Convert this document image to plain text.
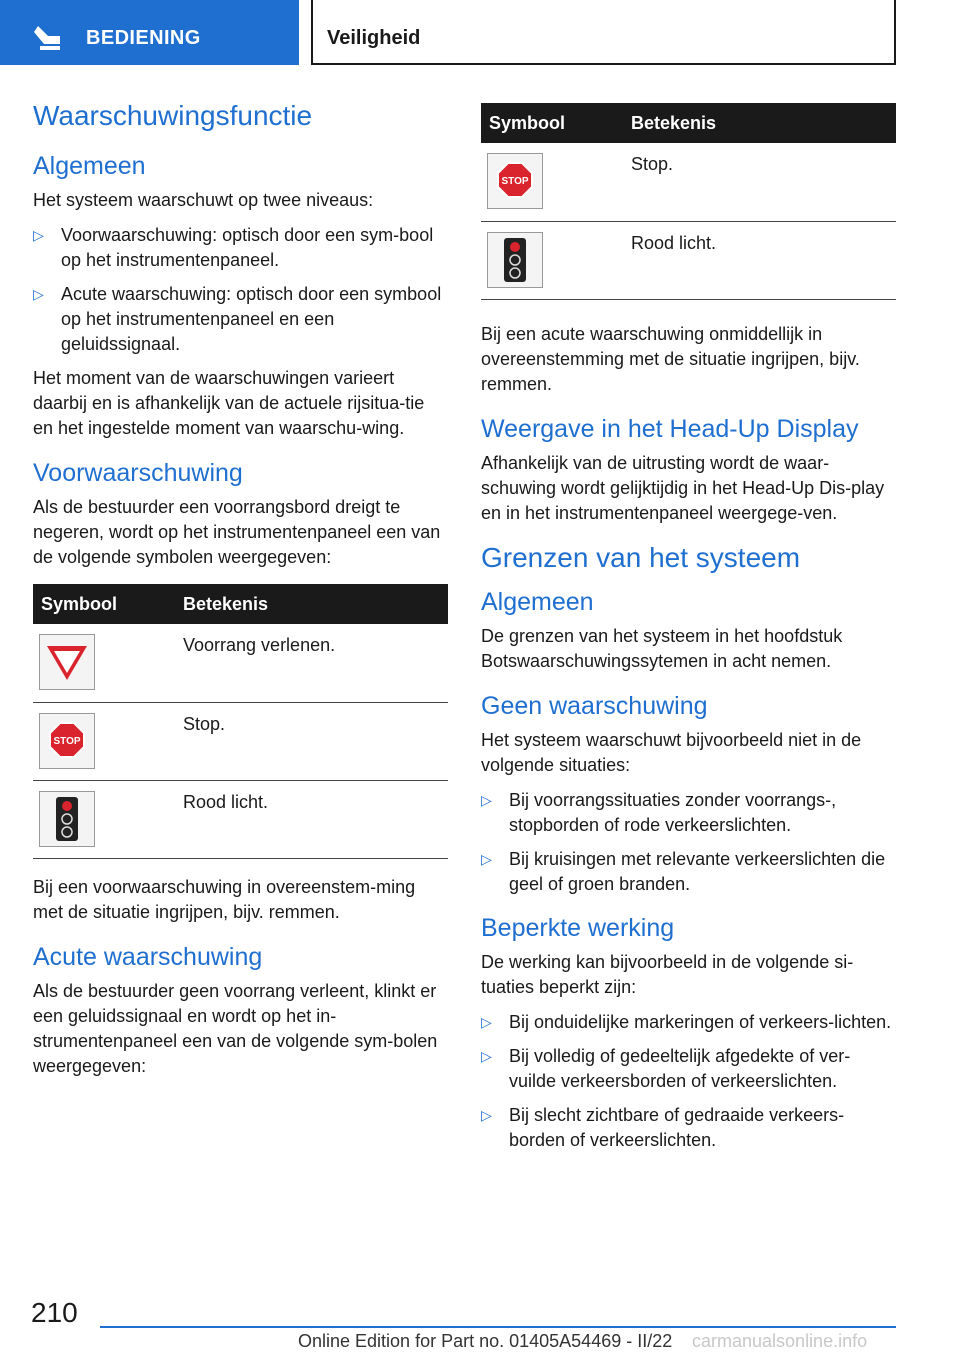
BEDIENING	Veiligheid
Waarschuwingsfunctie
Algemeen

Het systeem waarschuwt op twee niveaus:

▷ Voorwaarschuwing: optisch door een sym-bool op het instrumentenpaneel.
▷ Acute waarschuwing: optisch door een symbool op het instrumentenpaneel en een geluidssignaal.

Het moment van de waarschuwingen varieert daarbij en is afhankelijk van de actuele rijsitua-tie en het ingestelde moment van waarschu-wing.

Voorwaarschuwing

Als de bestuurder een voorrangsbord dreigt te negeren, wordt op het instrumentenpaneel een van de volgende symbolen weergegeven:

Symbool	Betekenis

	Voorrang verlenen.

STOP	Stop.

	Rood licht.

Bij een voorwaarschuwing in overeenstem-ming met de situatie ingrijpen, bijv. remmen.

Acute waarschuwing

Als de bestuurder geen voorrang verleent, klinkt er een geluidssignaal en wordt op het in-strumentenpaneel een van de volgende sym-bolen weergegeven:

Symbool	Betekenis

STOP	Stop.

	Rood licht.

Bij een acute waarschuwing onmiddellijk in overeenstemming met de situatie ingrijpen, bijv. remmen.

Weergave in het Head-Up Display

Afhankelijk van de uitrusting wordt de waar-schuwing wordt gelijktijdig in het Head-Up Dis-play en in het instrumentenpaneel weergege-ven.

Grenzen van het systeem
Algemeen

De grenzen van het systeem in het hoofdstuk Botswaarschuwingssytemen in acht nemen.

Geen waarschuwing

Het systeem waarschuwt bijvoorbeeld niet in de volgende situaties:

▷ Bij voorrangssituaties zonder voorrangs-, stopborden of rode verkeerslichten.
▷ Bij kruisingen met relevante verkeerslichten die geel of groen branden.
Beperkte werking

De werking kan bijvoorbeeld in de volgende si-tuaties beperkt zijn:

▷ Bij onduidelijke markeringen of verkeers-lichten.
▷ Bij volledig of gedeeltelijk afgedekte of ver-vuilde verkeersborden of verkeerslichten.
▷ Bij slecht zichtbare of gedraaide verkeers-borden of verkeerslichten.
210
Online Edition for Part no. 01405A54469 - II/22 carmanualsonline.info
